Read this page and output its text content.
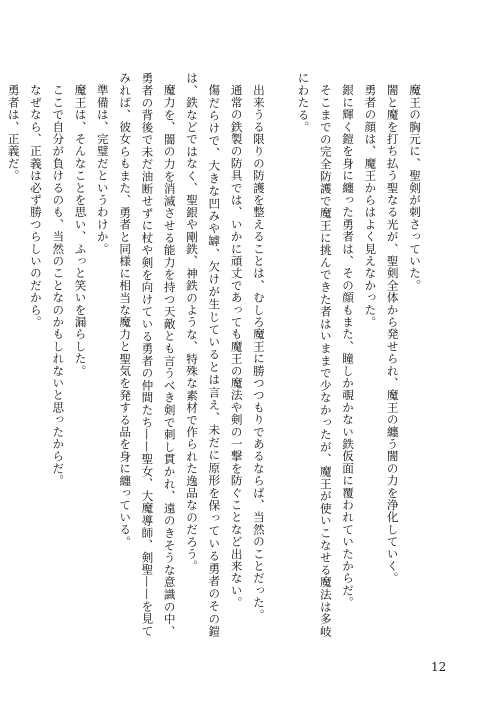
魔王の胸元に、聖剣が刺さっていた。

闇と魔を打ち払う聖なる光が、聖剣全体から発せられ、魔王の纏う闇の力を浄化していく。

勇者の顔は、魔王からはよく見えなかった。

銀に輝く鎧を身に纏った勇者は、その顔もまた、瞳しか覗かない鉄仮面に覆われていたからだ。

そこまでの完全防護で魔王に挑んできた者はいままで少なかったが、魔王が使いこなせる魔法は多岐にわたる。

出来うる限りの防護を整えることは、むしろ魔王に勝つつもりであるならば、当然のことだった。

通常の鉄製の防具では、いかに頑丈であっても魔王の魔法や剣の一撃を防ぐことなど出来ない。

傷だらけで、大きな凹みや罅、欠けが生じているとは言え、未だに原形を保っている勇者のその鎧は、鉄などではなく、聖銀や剛鉄、神鉄のような、特殊な素材で作られた逸品なのだろう。

魔力を、闇の力を消滅させる能力を持つ天敵とも言うべき剣で刺し貫かれ、遠のきそうな意識の中、勇者の背後で未だ油断せずに杖や剣を向けている勇者の仲間たち——聖女、大魔導師、剣聖——を見てみれば、彼女らもまた、勇者と同様に相当な魔力と聖気を発する品を身に纏っている。

準備は、完璧だというわけか。

魔王は、そんなことを思い、ふっと笑いを漏らした。

ここで自分が負けるのも、当然のことなのかもしれないと思ったからだ。

なぜなら、正義は必ず勝つらしいのだから。

勇者は、正義だ。

12
